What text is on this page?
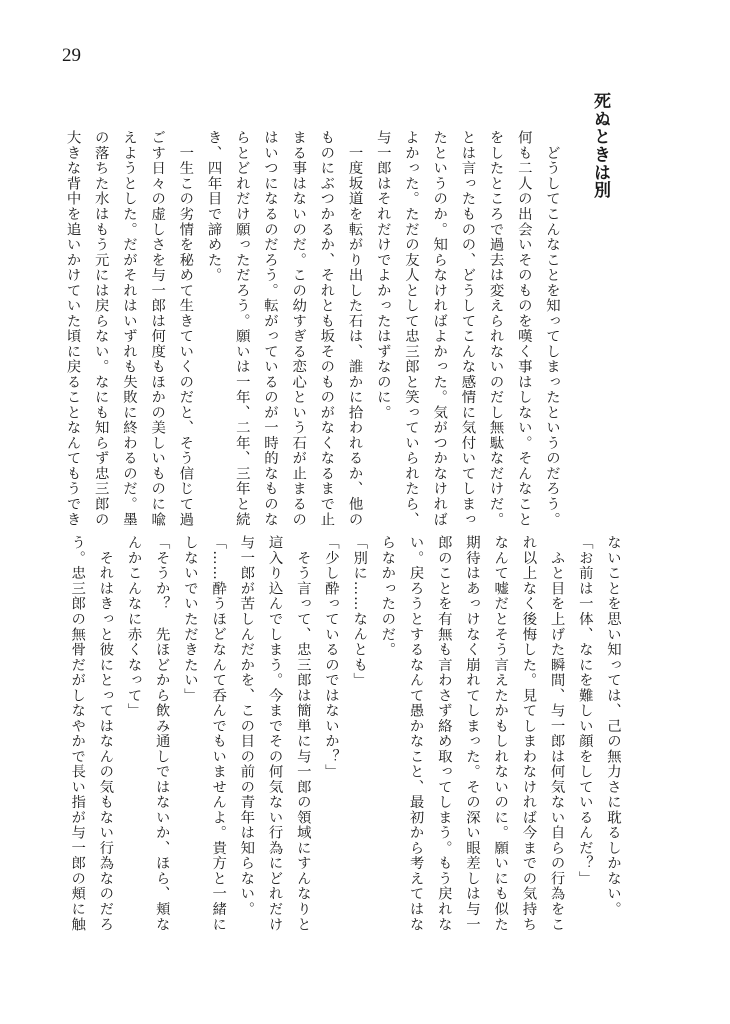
29
死ぬときは別

　どうしてこんなことを知ってしまったというのだろう。

何も二人の出会いそのものを嘆く事はしない。そんなこと

をしたところで過去は変えられないのだし無駄なだけだ。

とは言ったものの、どうしてこんな感情に気付いてしまっ

たというのか。知らなければよかった。気がつかなければ

よかった。ただの友人として忠三郎と笑っていられたら、

与一郎はそれだけでよかったはずなのに。

　一度坂道を転がり出した石は、誰かに拾われるか、他の

ものにぶつかるか、それとも坂そのものがなくなるまで止

まる事はないのだ。この幼すぎる恋心という石が止まるの

はいつになるのだろう。転がっているのが一時的なものな

らとどれだけ願っただろう。願いは一年、二年、三年と続

き、四年目で諦めた。

　一生この劣情を秘めて生きていくのだと、そう信じて過

ごす日々の虚しさを与一郎は何度もほかの美しいものに喩

えようとした。だがそれはいずれも失敗に終わるのだ。墨

の落ちた水はもう元には戻らない。なにも知らず忠三郎の

大きな背中を追いかけていた頃に戻ることなんてもうでき

ないことを思い知っては、己の無力さに耽るしかない。

「お前は一体、なにを難しい顔をしているんだ？」

　ふと目を上げた瞬間、与一郎は何気ない自らの行為をこ

れ以上なく後悔した。見てしまわなければ今までの気持ち

なんて嘘だとそう言えたかもしれないのに。願いにも似た

期待はあっけなく崩れてしまった。その深い眼差しは与一

郎のことを有無も言わさず絡め取ってしまう。もう戻れな

い。戻ろうとするなんて愚かなこと、最初から考えてはな

らなかったのだ。

「別に……なんとも」

「少し酔っているのではないか？」

　そう言って、忠三郎は簡単に与一郎の領域にすんなりと

這入り込んでしまう。今までその何気ない行為にどれだけ

与一郎が苦しんだかを、この目の前の青年は知らない。

「……酔うほどなんて呑んでもいませんよ。貴方と一緒に

しないでいただきたい」

「そうか？　先ほどから飲み通しではないか、ほら、頬な

んかこんなに赤くなって」

　それはきっと彼にとってはなんの気もない行為なのだろ

う。忠三郎の無骨だがしなやかで長い指が与一郎の頬に触
